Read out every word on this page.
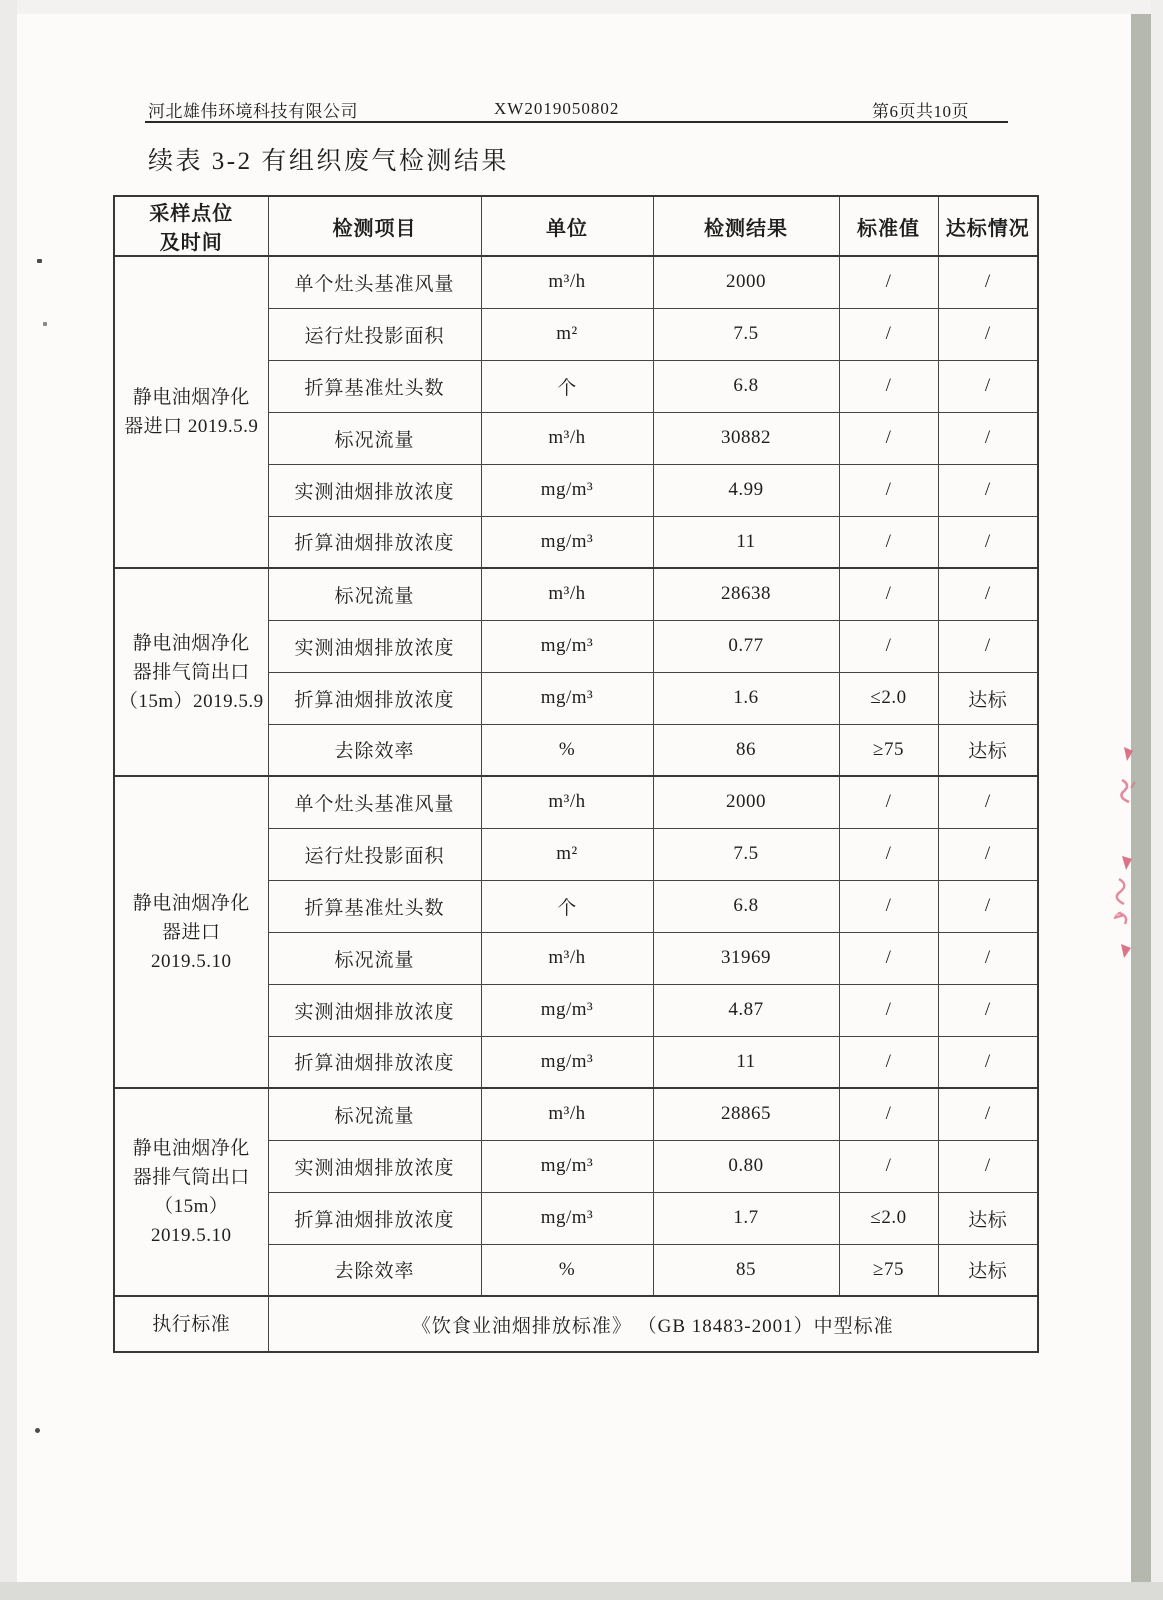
河北雄伟环境科技有限公司	XW2019050802	第6页共10页
续表 3-2 有组织废气检测结果
采样点位
及时间	检测项目	单位	检测结果	标准值	达标情况

静电油烟净化
器进口 2019.5.9	单个灶头基准风量	m³/h	2000	/	/
	运行灶投影面积	m²	7.5	/	/
	折算基准灶头数	个	6.8	/	/
	标况流量	m³/h	30882	/	/
	实测油烟排放浓度	mg/m³	4.99	/	/
	折算油烟排放浓度	mg/m³	11	/	/

静电油烟净化
器排气筒出口
（15m）2019.5.9	标况流量	m³/h	28638	/	/
	实测油烟排放浓度	mg/m³	0.77	/	/
	折算油烟排放浓度	mg/m³	1.6	≤2.0	达标
	去除效率	%	86	≥75	达标

静电油烟净化
器进口
2019.5.10	单个灶头基准风量	m³/h	2000	/	/
	运行灶投影面积	m²	7.5	/	/
	折算基准灶头数	个	6.8	/	/
	标况流量	m³/h	31969	/	/
	实测油烟排放浓度	mg/m³	4.87	/	/
	折算油烟排放浓度	mg/m³	11	/	/

静电油烟净化
器排气筒出口
（15m）
2019.5.10	标况流量	m³/h	28865	/	/
	实测油烟排放浓度	mg/m³	0.80	/	/
	折算油烟排放浓度	mg/m³	1.7	≤2.0	达标
	去除效率	%	85	≥75	达标
执行标准	《饮食业油烟排放标准》 （GB 18483-2001）中型标准				
